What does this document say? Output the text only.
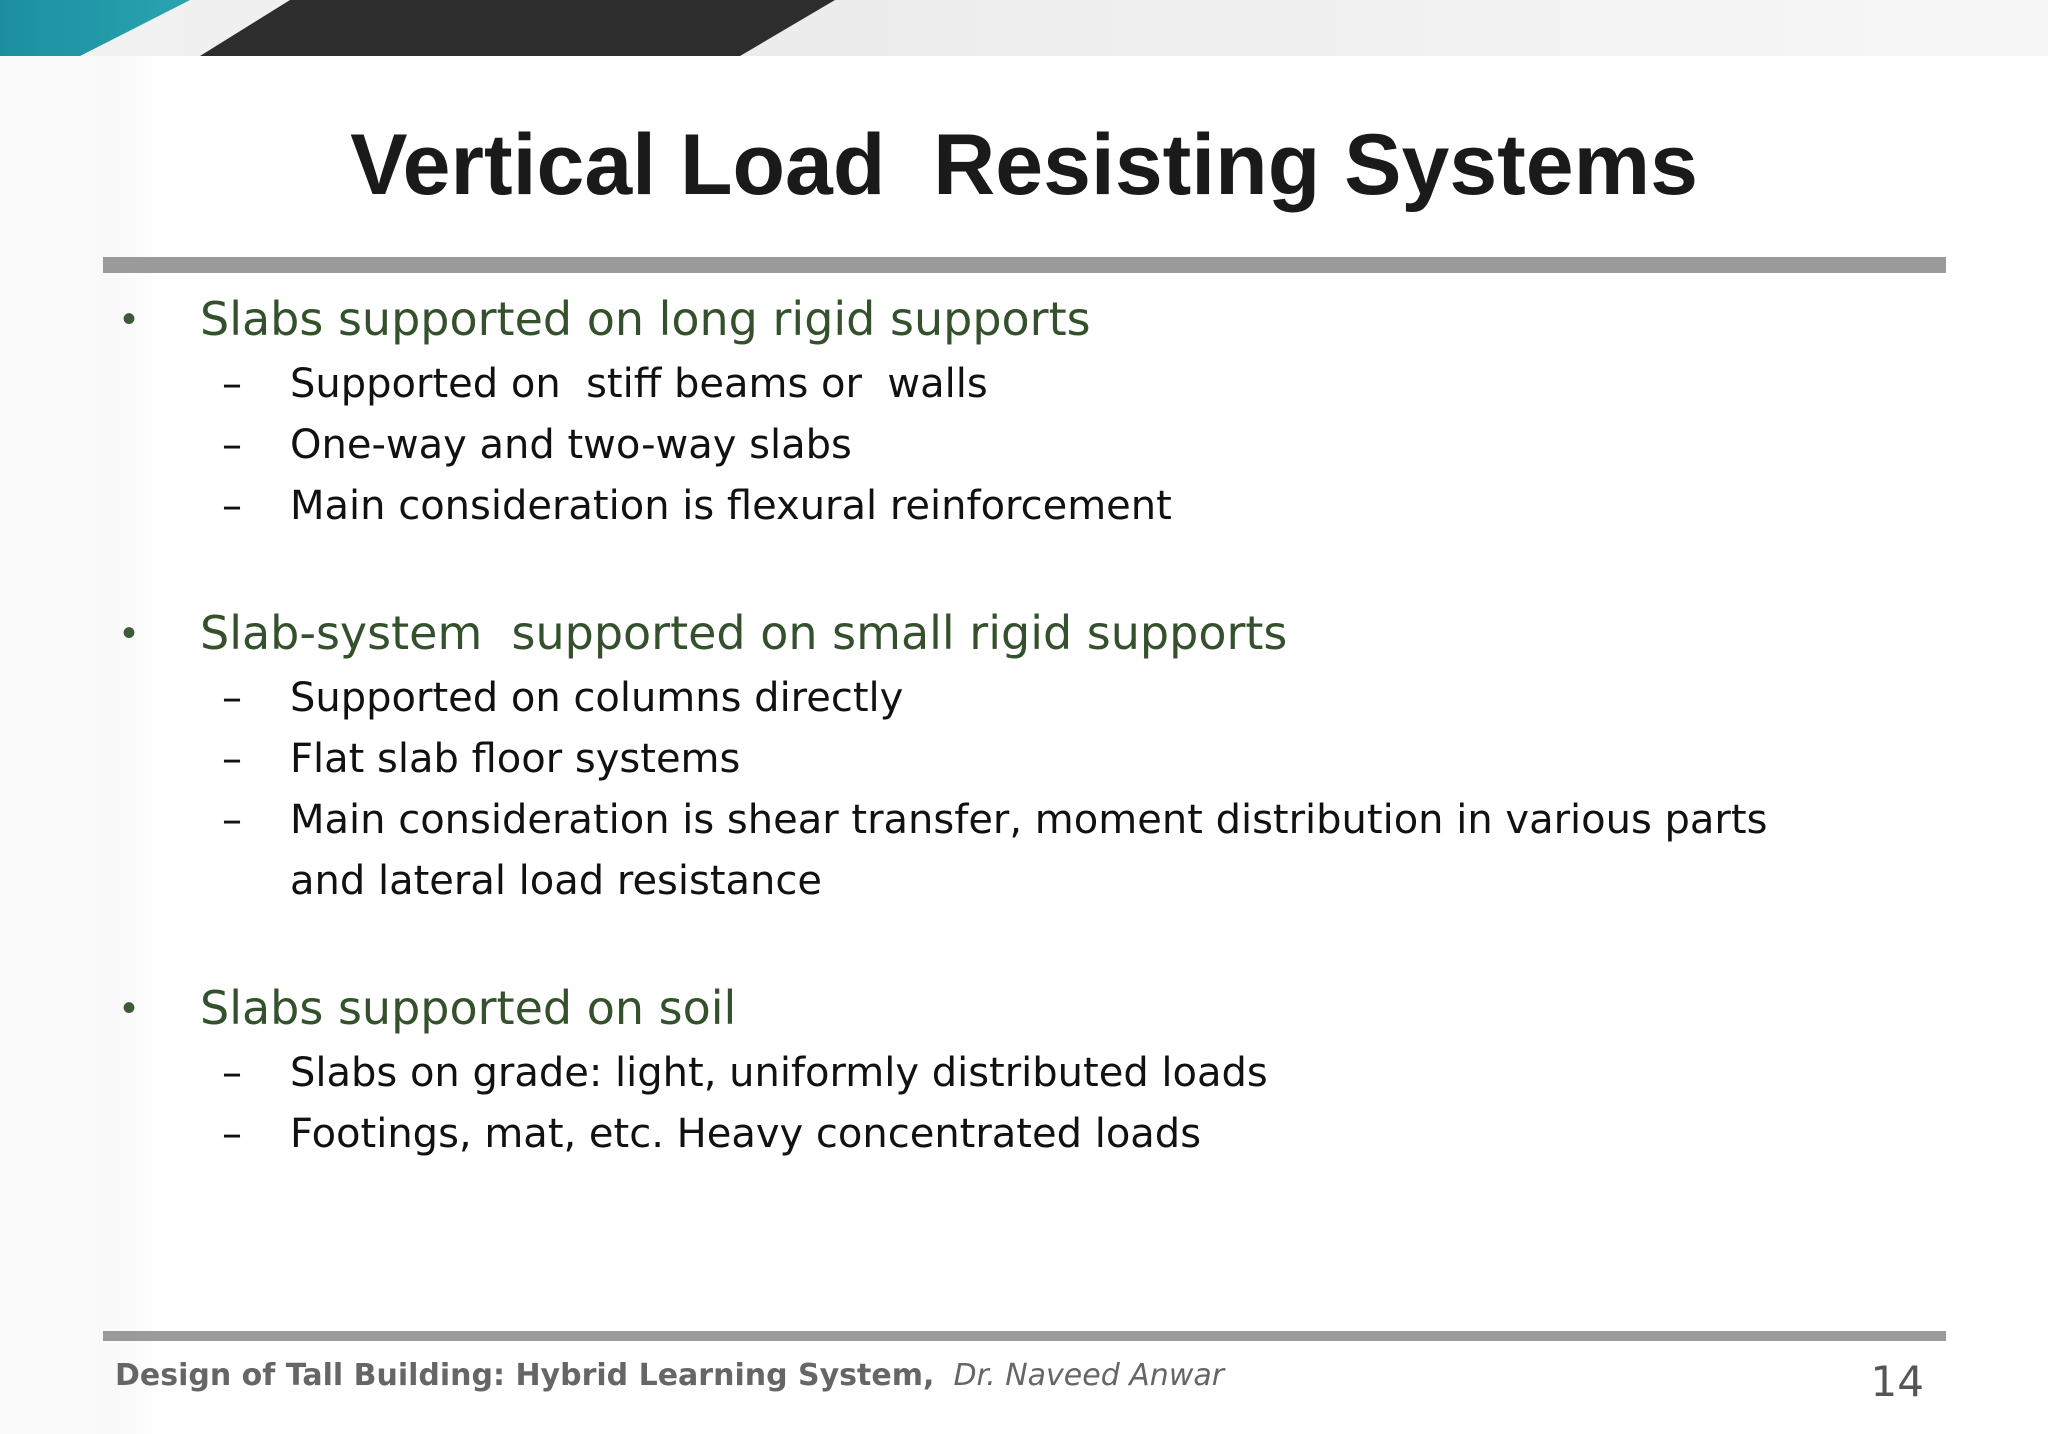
Vertical Load  Resisting Systems
• Slabs supported on long rigid supports
– Supported on  stiff beams or  walls
– One-way and two-way slabs
– Main consideration is flexural reinforcement
• Slab-system  supported on small rigid supports
– Supported on columns directly
– Flat slab floor systems
– Main consideration is shear transfer, moment distribution in various parts and lateral load resistance
• Slabs supported on soil
– Slabs on grade: light, uniformly distributed loads
– Footings, mat, etc. Heavy concentrated loads
Design of Tall Building: Hybrid Learning System, Dr. Naveed Anwar	14
